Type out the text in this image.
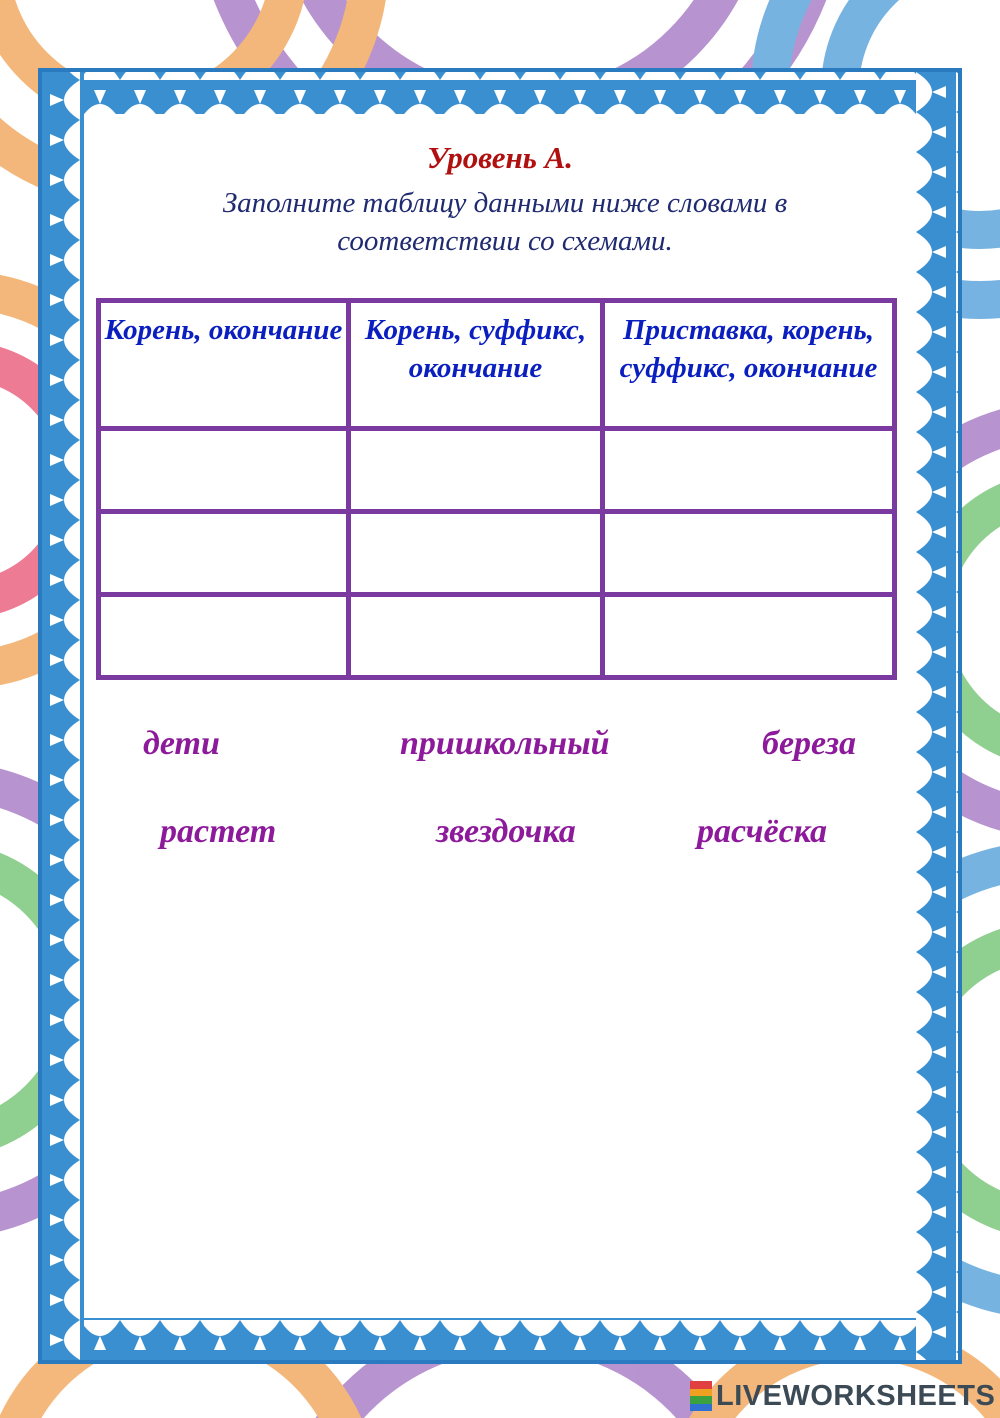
Уровень А.
Заполните таблицу данными ниже словами в соответствии со схемами.
Корень, окончание	Корень, суффикс, окончание	Приставка, корень, суффикс, окончание

дети	пришкольный	береза
растет	звездочка	расчёска
LIVEWORKSHEETS
